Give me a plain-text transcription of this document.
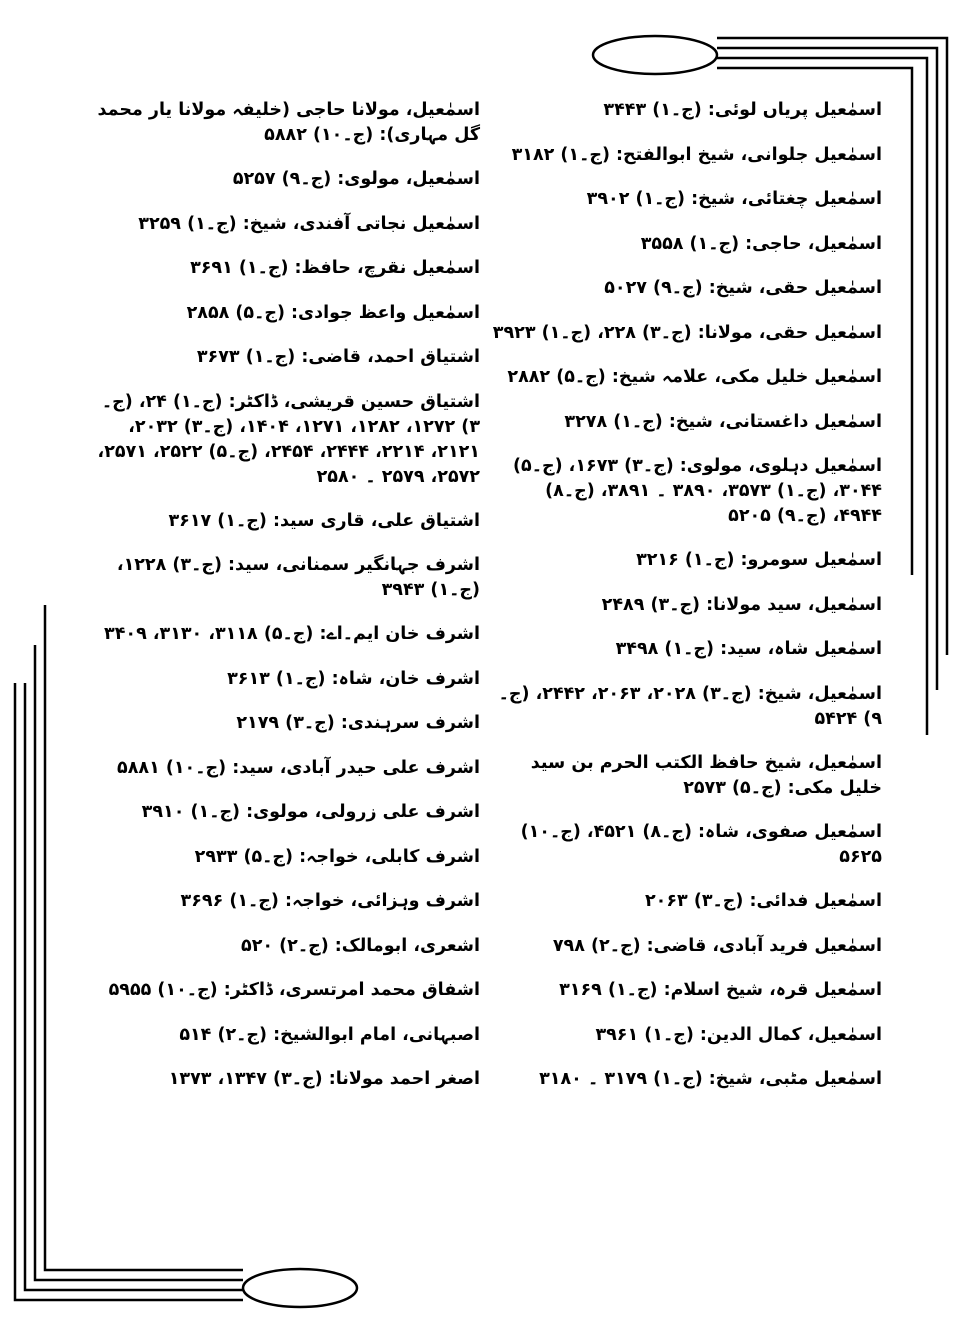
اسمٰعیل پریاں لوئی: (ج۔۱) ۳۴۴۳

اسمٰعیل جلوانی، شیخ ابوالفتح: (ج۔۱) ۳۱۸۲

اسمٰعیل چغتائی، شیخ: (ج۔۱) ۳۹۰۲

اسمٰعیل، حاجی: (ج۔۱) ۳۵۵۸

اسمٰعیل حقی، شیخ: (ج۔۹) ۵۰۲۷

اسمٰعیل حقی، مولانا: (ج۔۳) ۲۲۸، (ج۔۱) ۳۹۲۳

اسمٰعیل خلیل مکی، علامہ شیخ: (ج۔۵) ۲۸۸۲

اسمٰعیل داغستانی، شیخ: (ج۔۱) ۳۲۷۸

اسمٰعیل دہلوی، مولوی: (ج۔۳) ۱۶۷۳، (ج۔۵) ۳۰۴۴، (ج۔۱) ۳۵۷۳، ۳۸۹۰ ۔ ۳۸۹۱، (ج۔۸) ۴۹۴۴، (ج۔۹) ۵۲۰۵

اسمٰعیل سومرو: (ج۔۱) ۳۲۱۶

اسمٰعیل، سید مولانا: (ج۔۳) ۲۴۸۹

اسمٰعیل شاہ، سید: (ج۔۱) ۳۴۹۸

اسمٰعیل، شیخ: (ج۔۳) ۲۰۲۸، ۲۰۶۳، ۲۴۴۲، (ج۔۹) ۵۴۲۴

اسمٰعیل، شیخ حافظ الکتب الحرم بن سید خلیل مکی: (ج۔۵) ۲۵۷۳

اسمٰعیل صفوی، شاہ: (ج۔۸) ۴۵۲۱، (ج۔۱۰) ۵۶۲۵

اسمٰعیل فدائی: (ج۔۳) ۲۰۶۳

اسمٰعیل فرید آبادی، قاضی: (ج۔۲) ۷۹۸

اسمٰعیل قرہ، شیخ اسلام: (ج۔۱) ۳۱۶۹

اسمٰعیل، کمال الدین: (ج۔۱) ۳۹۶۱

اسمٰعیل مٹبی، شیخ: (ج۔۱) ۳۱۷۹ ۔ ۳۱۸۰

اسمٰعیل، مولانا حاجی (خلیفہ مولانا یار محمد گل مہاری): (ج۔۱۰) ۵۸۸۲

اسمٰعیل، مولوی: (ج۔۹) ۵۲۵۷

اسمٰعیل نجاتی آفندی، شیخ: (ج۔۱) ۳۲۵۹

اسمٰعیل نقرچ، حافظ: (ج۔۱) ۳۶۹۱

اسمٰعیل واعظ جوادی: (ج۔۵) ۲۸۵۸

اشتیاق احمد، قاضی: (ج۔۱) ۳۶۷۳

اشتیاق حسین قریشی، ڈاکٹر: (ج۔۱) ۲۴، (ج۔۳) ۱۲۷۲، ۱۲۸۲، ۱۲۷۱، ۱۴۰۴، (ج۔۳) ۲۰۳۲، ۲۱۲۱، ۲۲۱۴، ۲۴۴۴، ۲۴۵۴، (ج۔۵) ۲۵۲۲، ۲۵۷۱، ۲۵۷۲، ۲۵۷۹ ۔ ۲۵۸۰

اشتیاق علی، قاری سید: (ج۔۱) ۳۶۱۷

اشرف جہانگیر سمنانی، سید: (ج۔۳) ۱۲۲۸، (ج۔۱) ۳۹۴۳

اشرف خان ایم۔اے: (ج۔۵) ۳۱۱۸، ۳۱۳۰، ۳۴۰۹

اشرف خان، شاہ: (ج۔۱) ۳۶۱۳

اشرف سرہندی: (ج۔۳) ۲۱۷۹

اشرف علی حیدر آبادی، سید: (ج۔۱۰) ۵۸۸۱

اشرف علی زرولی، مولوی: (ج۔۱) ۳۹۱۰

اشرف کابلی، خواجہ: (ج۔۵) ۲۹۳۳

اشرف وہزائی، خواجہ: (ج۔۱) ۳۶۹۶

اشعری، ابومالک: (ج۔۲) ۵۲۰

اشفاق محمد امرتسری، ڈاکٹر: (ج۔۱۰) ۵۹۵۵

اصبہانی، امام ابوالشیخ: (ج۔۲) ۵۱۴

اصغر احمد مولانا: (ج۔۳) ۱۳۴۷، ۱۳۷۳
